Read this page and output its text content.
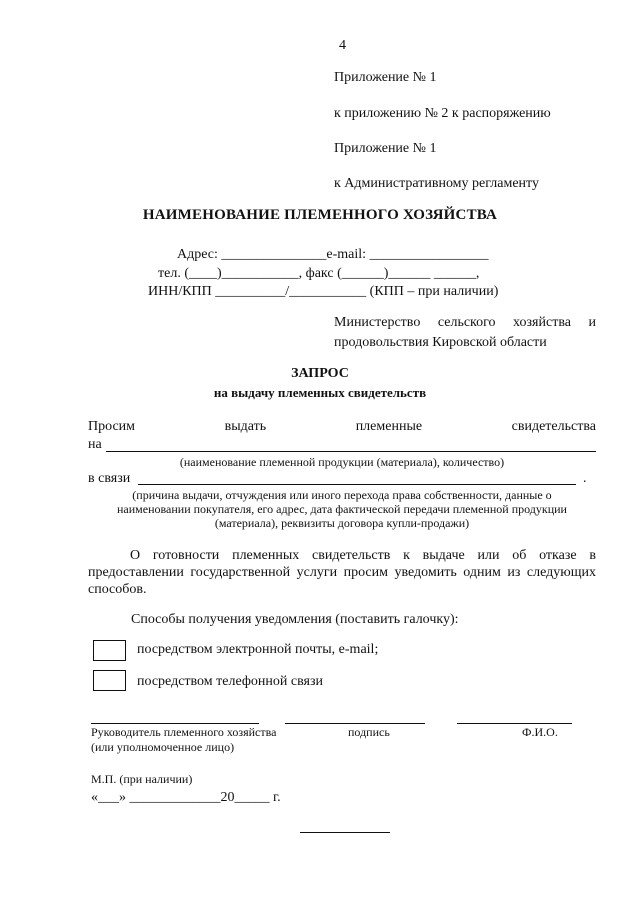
4
Приложение № 1
к приложению № 2 к распоряжению
Приложение № 1
к Административному регламенту
НАИМЕНОВАНИЕ ПЛЕМЕННОГО ХОЗЯЙСТВА
Адрес: _______________e-mail: _________________
тел. (____)___________, факс (______)______ ______,
ИНН/КПП __________/___________ (КПП – при наличии)
Министерство сельского хозяйства и продовольствия Кировской области
ЗАПРОС
на выдачу племенных свидетельств
Просим	выдать	племенные	свидетельства
на
(наименование племенной продукции (материала), количество)
в связи	.
(причина выдачи, отчуждения или иного перехода права собственности, данные о
наименовании покупателя, его адрес, дата фактической передачи племенной продукции
(материала), реквизиты договора купли-продажи)
О готовности племенных свидетельств к выдаче или об отказе в предоставлении государственной услуги просим уведомить одним из следующих способов.
Способы получения уведомления (поставить галочку):
посредством электронной почты, e-mail;
посредством телефонной связи
Руководитель племенного хозяйства	подпись	Ф.И.О.
(или уполномоченное лицо)
М.П. (при наличии)
«___» _____________20_____ г.
